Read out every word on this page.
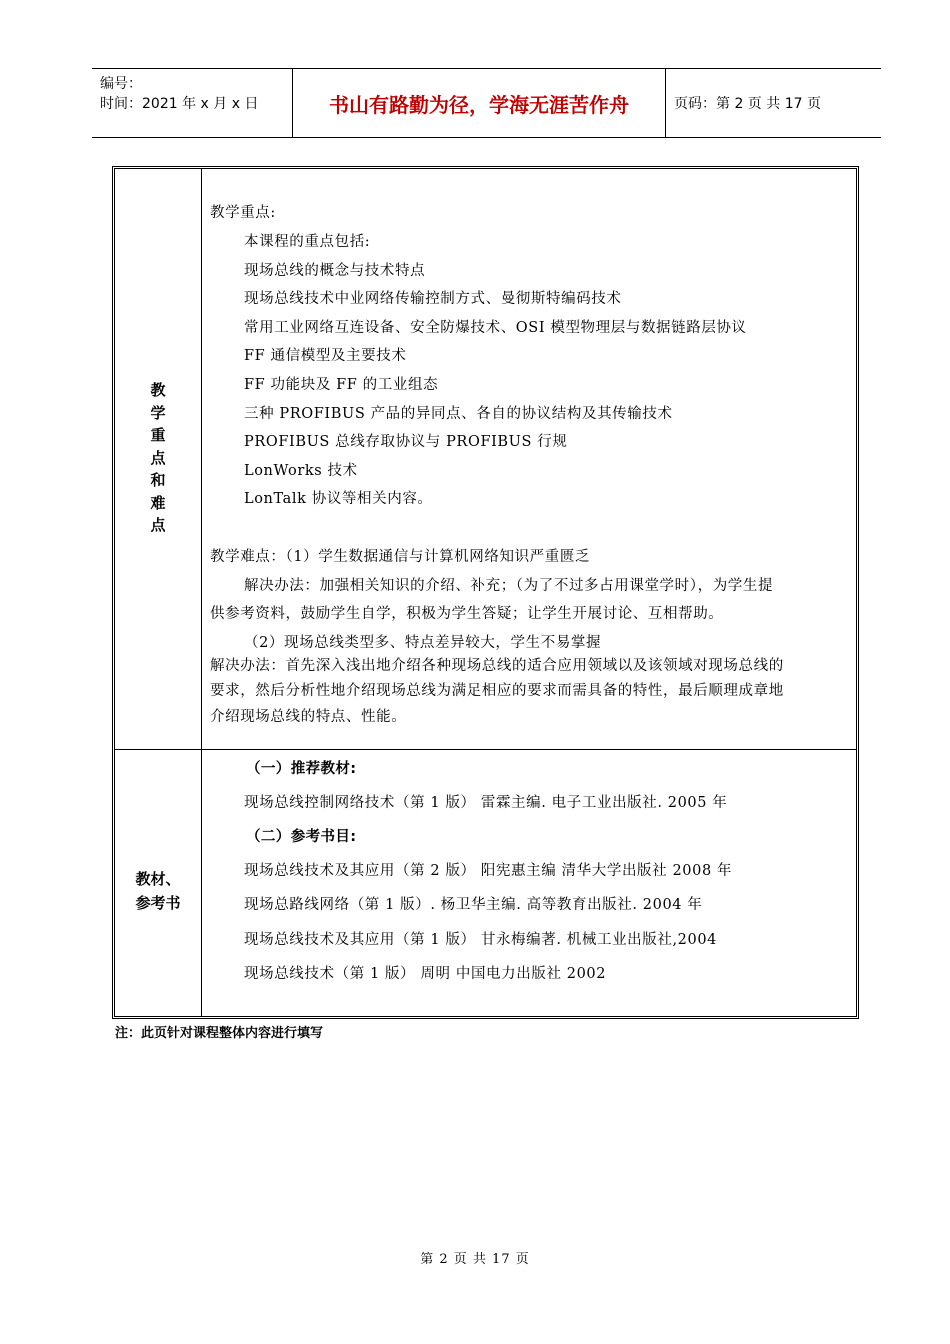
编号：
时间：2021 年 x 月 x 日	书山有路勤为径，学海无涯苦作舟	页码：第 2 页 共 17 页
教
学
重
点
和
难
点
教学重点:
本课程的重点包括:
现场总线的概念与技术特点
现场总线技术中业网络传输控制方式、曼彻斯特编码技术
常用工业网络互连设备、安全防爆技术、OSI 模型物理层与数据链路层协议
FF 通信模型及主要技术
FF 功能块及 FF 的工业组态
三种 PROFIBUS 产品的异同点、各自的协议结构及其传输技术
PROFIBUS 总线存取协议与 PROFIBUS 行规
LonWorks 技术
LonTalk 协议等相关内容。
教学难点：（1）学生数据通信与计算机网络知识严重匮乏
解决办法：加强相关知识的介绍、补充；（为了不过多占用课堂学时），为学生提
供参考资料，鼓励学生自学，积极为学生答疑；让学生开展讨论、互相帮助。
（2）现场总线类型多、特点差异较大，学生不易掌握
解决办法：首先深入浅出地介绍各种现场总线的适合应用领域以及该领域对现场总线的
要求，然后分析性地介绍现场总线为满足相应的要求而需具备的特性，最后顺理成章地
介绍现场总线的特点、性能。
教材、
参考书
（一）推荐教材:
现场总线控制网络技术（第 1 版） 雷霖主编. 电子工业出版社. 2005 年
（二）参考书目:
现场总线技术及其应用（第 2 版） 阳宪惠主编 清华大学出版社 2008 年
现场总路线网络（第 1 版）. 杨卫华主编. 高等教育出版社. 2004 年
现场总线技术及其应用（第 1 版） 甘永梅编著. 机械工业出版社,2004
现场总线技术（第 1 版） 周明 中国电力出版社 2002
注：此页针对课程整体内容进行填写
第 2 页 共 17 页
